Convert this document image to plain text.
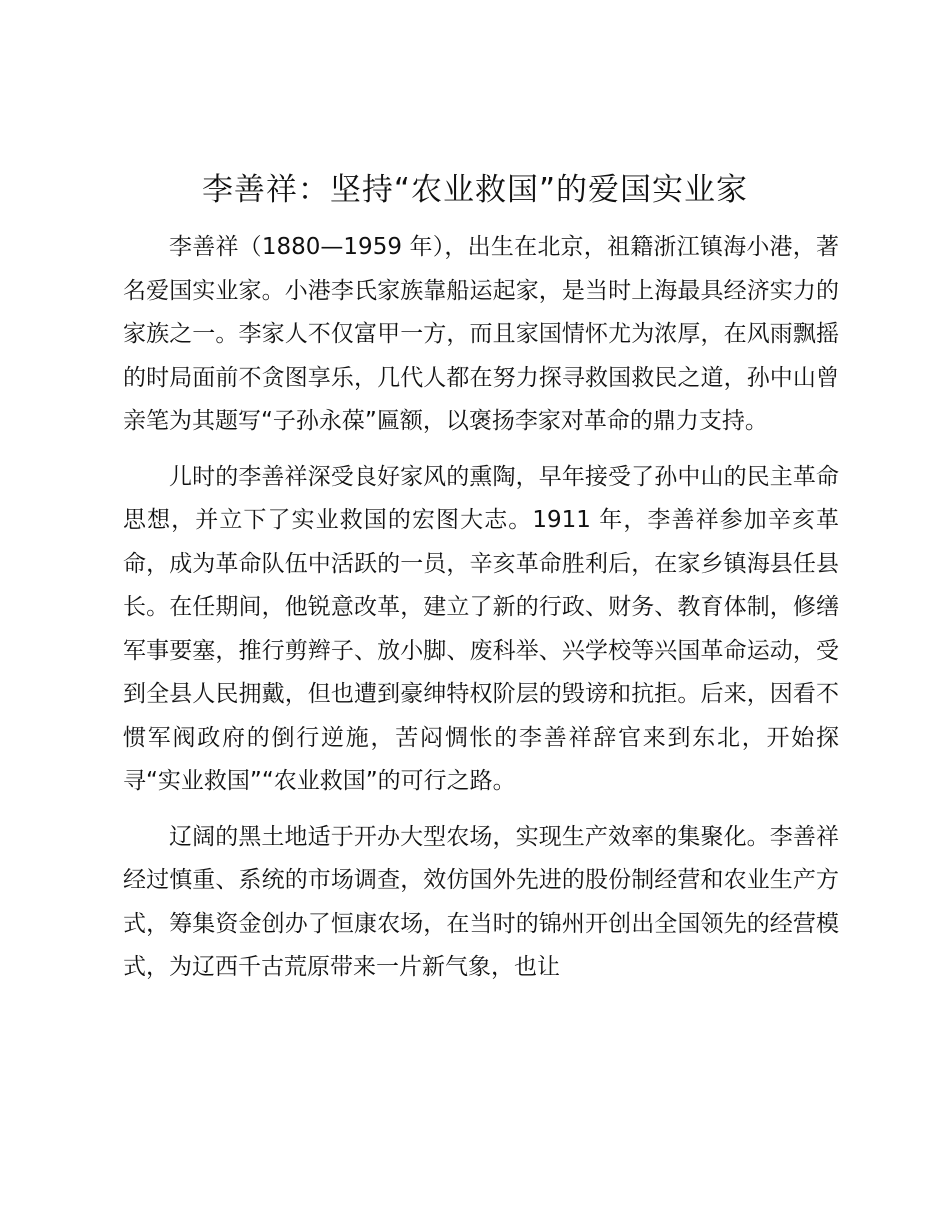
李善祥：坚持“农业救国”的爱国实业家

李善祥（1880—1959 年），出生在北京，祖籍浙江镇海小港，著名爱国实业家。小港李氏家族靠船运起家，是当时上海最具经济实力的家族之一。李家人不仅富甲一方，而且家国情怀尤为浓厚，在风雨飘摇的时局面前不贪图享乐，几代人都在努力探寻救国救民之道，孙中山曾亲笔为其题写“子孙永葆”匾额，以褒扬李家对革命的鼎力支持。

儿时的李善祥深受良好家风的熏陶，早年接受了孙中山的民主革命思想，并立下了实业救国的宏图大志。1911 年，李善祥参加辛亥革命，成为革命队伍中活跃的一员，辛亥革命胜利后，在家乡镇海县任县长。在任期间，他锐意改革，建立了新的行政、财务、教育体制，修缮军事要塞，推行剪辫子、放小脚、废科举、兴学校等兴国革命运动，受到全县人民拥戴，但也遭到豪绅特权阶层的毁谤和抗拒。后来，因看不惯军阀政府的倒行逆施，苦闷惆怅的李善祥辞官来到东北，开始探寻“实业救国”“农业救国”的可行之路。

辽阔的黑土地适于开办大型农场，实现生产效率的集聚化。李善祥经过慎重、系统的市场调查，效仿国外先进的股份制经营和农业生产方式，筹集资金创办了恒康农场，在当时的锦州开创出全国领先的经营模式，为辽西千古荒原带来一片新气象，也让
